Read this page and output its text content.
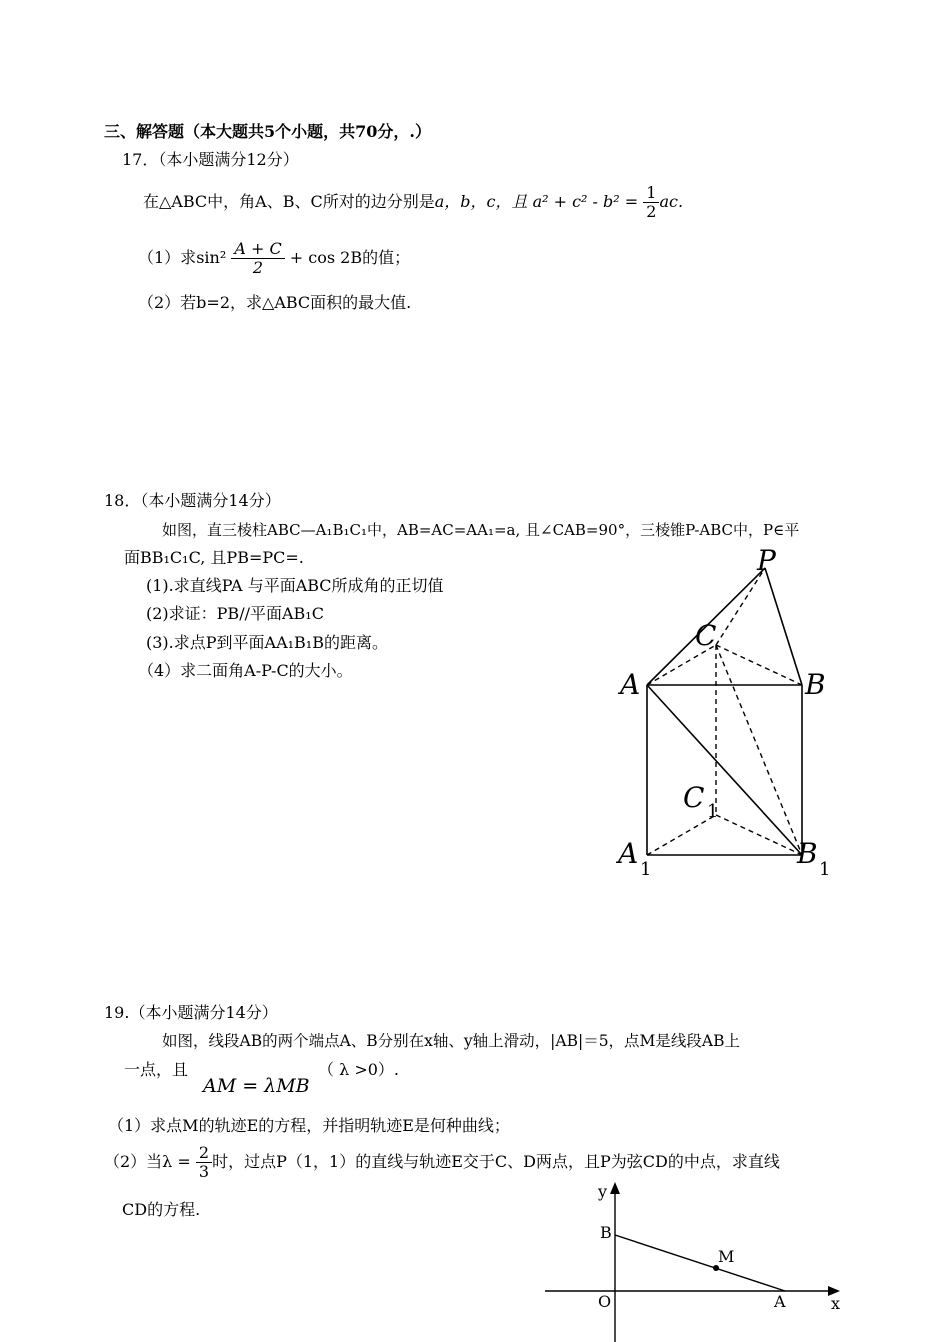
三、解答题（本大题共5个小题，共70分，.）
17．（本小题满分12分）
在△ABC中，角A、B、C所对的边分别是a，b，c，且 $a^2 + c^2 - b^2 = \frac{1}{2}$ ac.
（1）求$\sin^2 \frac{A + C}{2} + \cos 2B$的值；
（2）若b=2，求△ABC面积的最大值.
18．（本小题满分14分）
如图，直三棱柱ABC—A₁B₁C₁中，AB=AC=AA₁=a, 且∠CAB=90°，三棱锥P-ABC中，P∈平
面BB₁C₁C, 且PB=PC=.
(1).求直线PA 与平面ABC所成角的正切值
(2)求证：PB//平面AB₁C
(3).求点P到平面AA₁B₁B的距离。
（4）求二面角A-P-C的大小。
P
C
A	B
C
A	B
1
1	1
19.（本小题满分14分）
如图，线段AB的两个端点A、B分别在x轴、y轴上滑动，|AB|＝5，点M是线段AB上
一点，且
AM = λMB
（ λ >0）.
（1）求点M的轨迹E的方程，并指明轨迹E是何种曲线；
（2）当$\lambda = \frac{2}{3}$ 时，过点P（1，1）的直线与轨迹E交于C、D两点，且P为弦CD的中点，求直线
CD的方程.
y
x
B
M
O	A
